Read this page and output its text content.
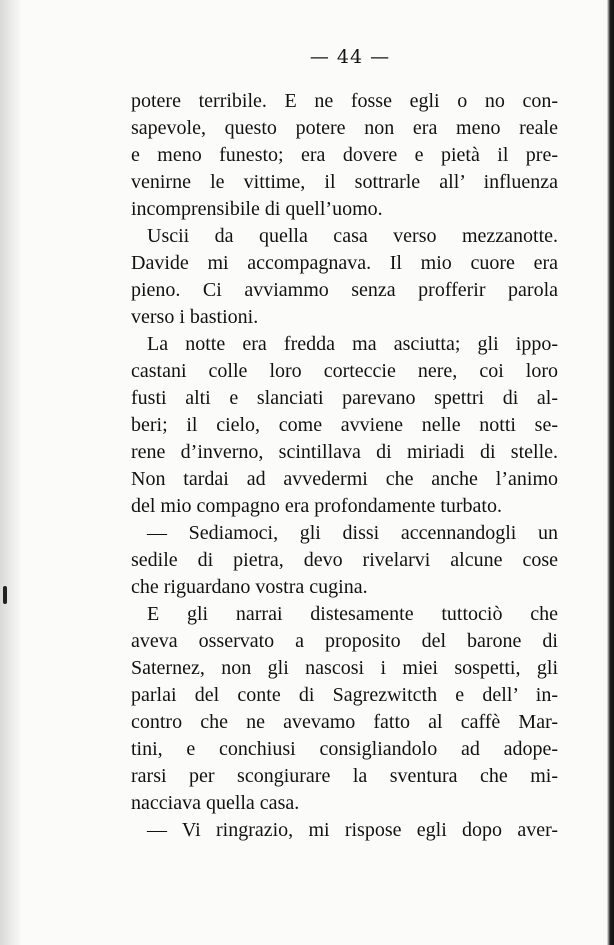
— 44 —
potere terribile. E ne fosse egli o no con-
sapevole, questo potere non era meno reale
e meno funesto; era dovere e pietà il pre-
venirne le vittime, il sottrarle all’ influenza
incomprensibile di quell’uomo.
Uscii da quella casa verso mezzanotte.
Davide mi accompagnava. Il mio cuore era
pieno. Ci avviammo senza profferir parola
verso i bastioni.
La notte era fredda ma asciutta; gli ippo-
castani colle loro corteccie nere, coi loro
fusti alti e slanciati parevano spettri di al-
beri; il cielo, come avviene nelle notti se-
rene d’inverno, scintillava di miriadi di stelle.
Non tardai ad avvedermi che anche l’animo
del mio compagno era profondamente turbato.
— Sediamoci, gli dissi accennandogli un
sedile di pietra, devo rivelarvi alcune cose
che riguardano vostra cugina.
E gli narrai distesamente tuttociò che
aveva osservato a proposito del barone di
Saternez, non gli nascosi i miei sospetti, gli
parlai del conte di Sagrezwitcth e dell’ in-
contro che ne avevamo fatto al caffè Mar-
tini, e conchiusi consigliandolo ad adope-
rarsi per scongiurare la sventura che mi-
nacciava quella casa.
— Vi ringrazio, mi rispose egli dopo aver-
